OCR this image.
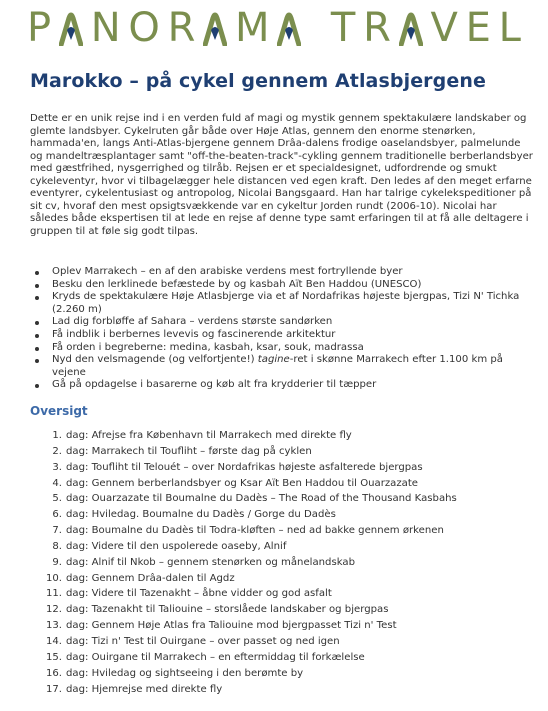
P N O R M T R V E L
Marokko – på cykel gennem Atlasbjergene

Dette er en unik rejse ind i en verden fuld af magi og mystik gennem spektakulære landskaber og glemte landsbyer. Cykelruten går både over Høje Atlas, gennem den enorme stenørken, hammada'en, langs Anti-Atlas-bjergene gennem Drâa-dalens frodige oaselandsbyer, palmelunde og mandeltræsplantager samt "off-the-beaten-track"-cykling gennem traditionelle berberlandsbyer med gæstfrihed, nysgerrighed og tilråb. Rejsen er et specialdesignet, udfordrende og smukt cykeleventyr, hvor vi tilbagelægger hele distancen ved egen kraft. Den ledes af den meget erfarne eventyrer, cykelentusiast og antropolog, Nicolai Bangsgaard. Han har talrige cykelekspeditioner på sit cv, hvoraf den mest opsigtsvækkende var en cykeltur Jorden rundt (2006-10). Nicolai har således både ekspertisen til at lede en rejse af denne type samt erfaringen til at få alle deltagere i gruppen til at føle sig godt tilpas.

Oplev Marrakech – en af den arabiske verdens mest fortryllende byer
Besku den lerklinede befæstede by og kasbah Aït Ben Haddou (UNESCO)
Kryds de spektakulære Høje Atlasbjerge via et af Nordafrikas højeste bjergpas, Tizi N' Tichka (2.260 m)
Lad dig forbløffe af Sahara – verdens største sandørken
Få indblik i berbernes levevis og fascinerende arkitektur
Få orden i begreberne: medina, kasbah, ksar, souk, madrassa
Nyd den velsmagende (og velfortjente!) tagine-ret i skønne Marrakech efter 1.100 km på vejene
Gå på opdagelse i basarerne og køb alt fra krydderier til tæpper
Oversigt
1. dag: Afrejse fra København til Marrakech med direkte fly
2. dag: Marrakech til Toufliht – første dag på cyklen
3. dag: Toufliht til Telouét – over Nordafrikas højeste asfalterede bjergpas
4. dag: Gennem berberlandsbyer og Ksar Aït Ben Haddou til Ouarzazate
5. dag: Ouarzazate til Boumalne du Dadès – The Road of the Thousand Kasbahs
6. dag: Hviledag. Boumalne du Dadès / Gorge du Dadès
7. dag: Boumalne du Dadès til Todra-kløften – ned ad bakke gennem ørkenen
8. dag: Videre til den uspolerede oaseby, Alnif
9. dag: Alnif til Nkob – gennem stenørken og månelandskab
10. dag: Gennem Drâa-dalen til Agdz
11. dag: Videre til Tazenakht – åbne vidder og god asfalt
12. dag: Tazenakht til Taliouine – storslåede landskaber og bjergpas
13. dag: Gennem Høje Atlas fra Taliouine mod bjergpasset Tizi n' Test
14. dag: Tizi n' Test til Ouirgane – over passet og ned igen
15. dag: Ouirgane til Marrakech – en eftermiddag til forkælelse
16. dag: Hviledag og sightseeing i den berømte by
17. dag: Hjemrejse med direkte fly
